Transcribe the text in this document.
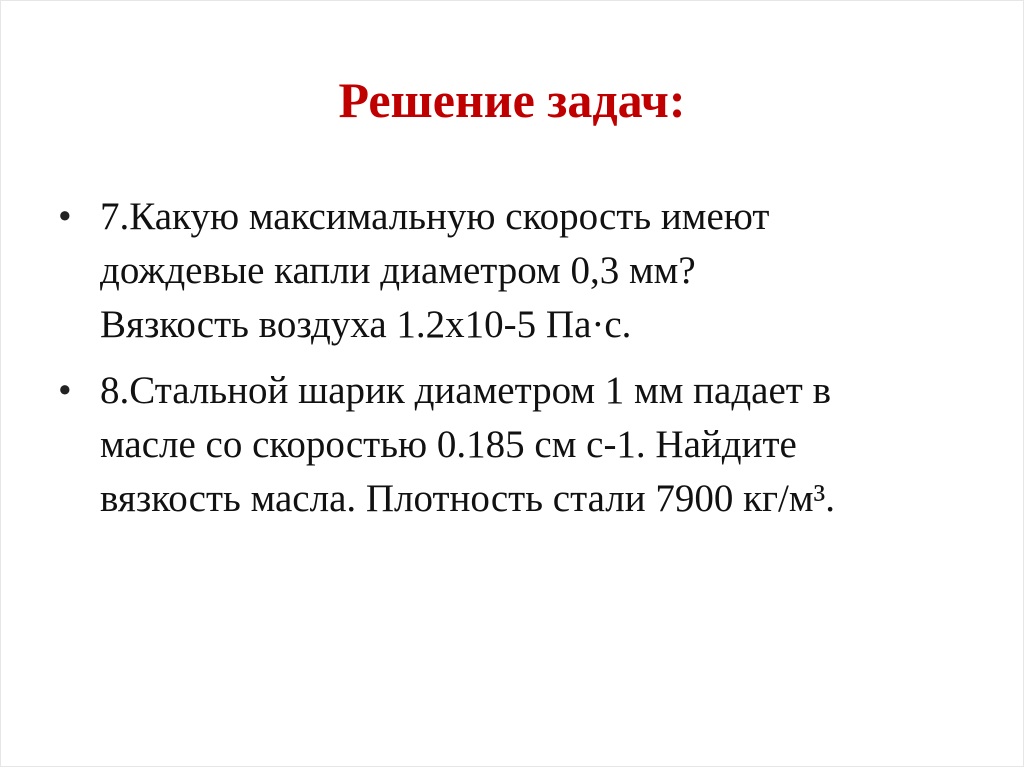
Решение задач:
• 7.Какую максимальную скорость имеют
дождевые капли диаметром 0,3 мм?
Вязкость воздуха 1.2х10-5 Па·с.
• 8.Стальной шарик диаметром 1 мм падает в
масле со скоростью 0.185 см с-1. Найдите
вязкость масла. Плотность стали 7900 кг/м³.
